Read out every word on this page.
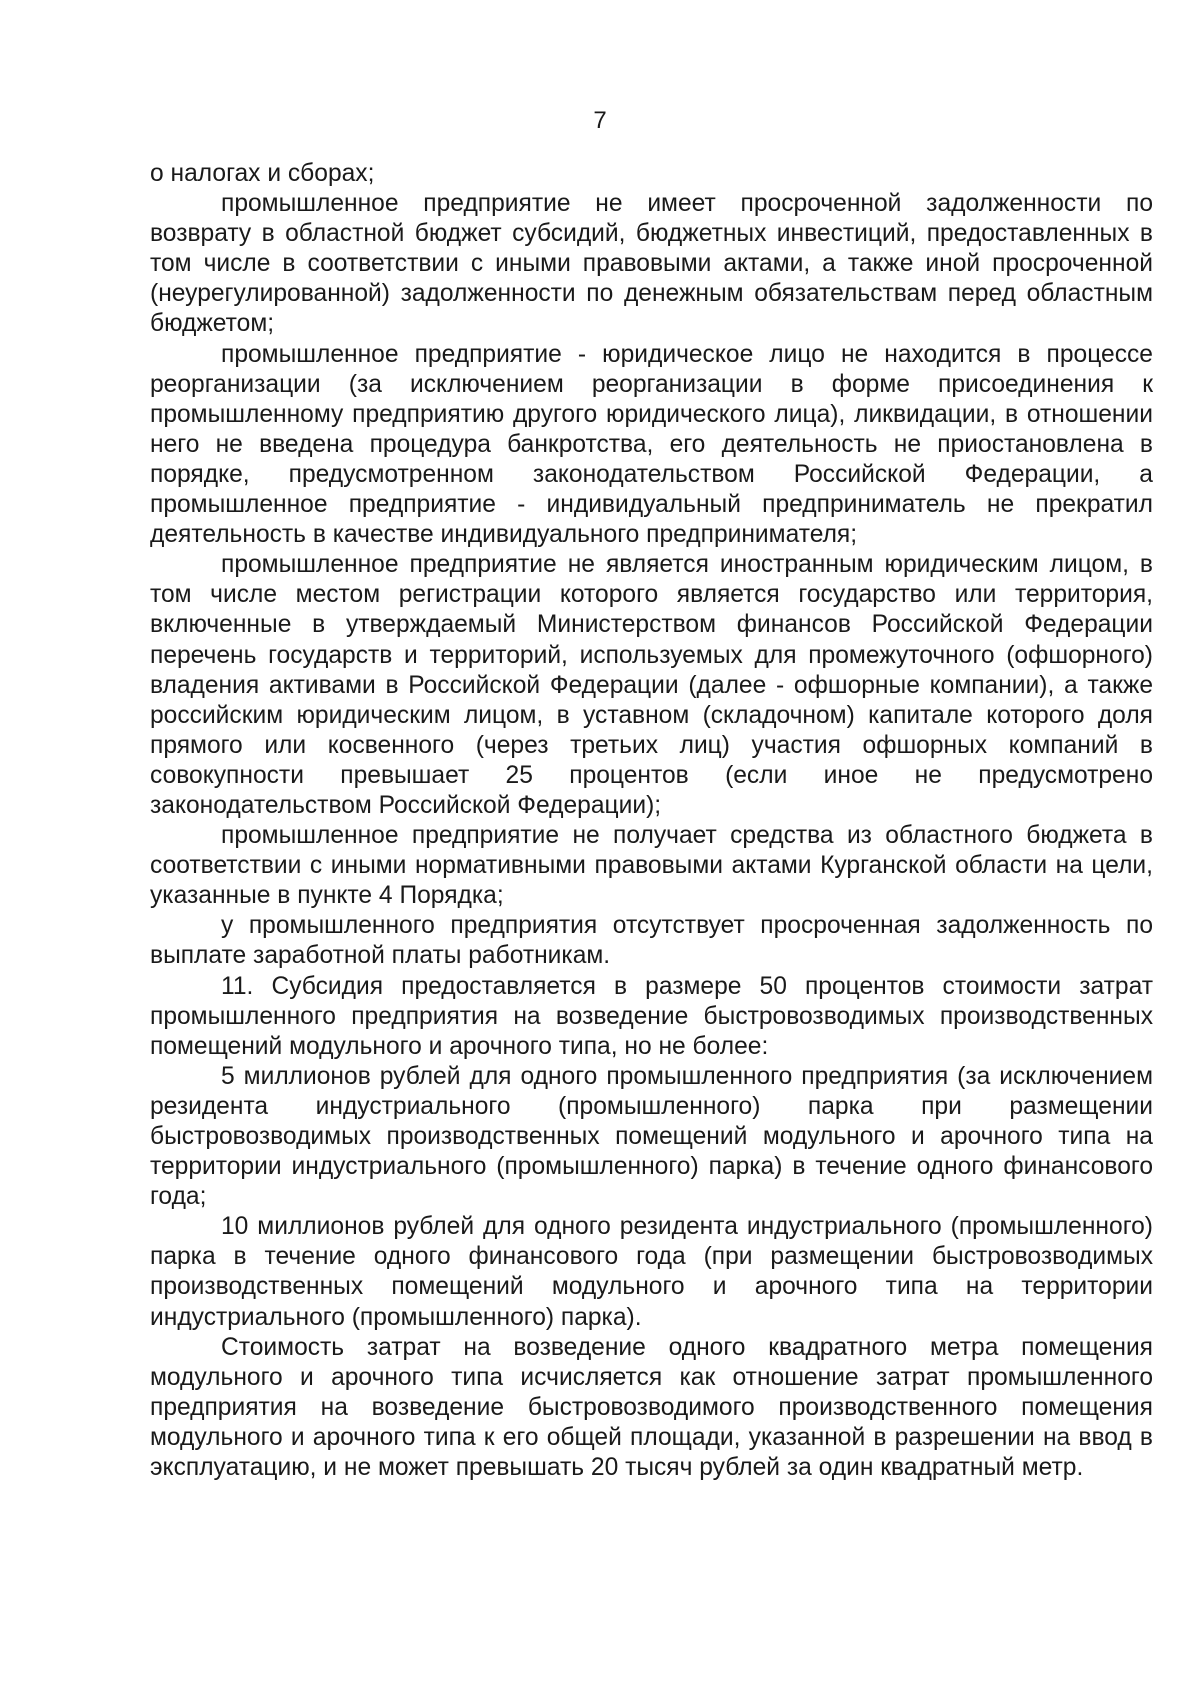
7

о налогах и сборах;

промышленное предприятие не имеет просроченной задолженности по возврату в областной бюджет субсидий, бюджетных инвестиций, предоставленных в том числе в соответствии с иными правовыми актами, а также иной просроченной (неурегулированной) задолженности по денежным обязательствам перед областным бюджетом;

промышленное предприятие - юридическое лицо не находится в процессе реорганизации (за исключением реорганизации в форме присоединения к промышленному предприятию другого юридического лица), ликвидации, в отношении него не введена процедура банкротства, его деятельность не приостановлена в порядке, предусмотренном законодательством Российской Федерации, а промышленное предприятие - индивидуальный предприниматель не прекратил деятельность в качестве индивидуального предпринимателя;

промышленное предприятие не является иностранным юридическим лицом, в том числе местом регистрации которого является государство или территория, включенные в утверждаемый Министерством финансов Российской Федерации перечень государств и территорий, используемых для промежуточного (офшорного) владения активами в Российской Федерации (далее - офшорные компании), а также российским юридическим лицом, в уставном (складочном) капитале которого доля прямого или косвенного (через третьих лиц) участия офшорных компаний в совокупности превышает 25 процентов (если иное не предусмотрено законодательством Российской Федерации);

промышленное предприятие не получает средства из областного бюджета в соответствии с иными нормативными правовыми актами Курганской области на цели, указанные в пункте 4 Порядка;

у промышленного предприятия отсутствует просроченная задолженность по выплате заработной платы работникам.

11. Субсидия предоставляется в размере 50 процентов стоимости затрат промышленного предприятия на возведение быстровозводимых производственных помещений модульного и арочного типа, но не более:

5 миллионов рублей для одного промышленного предприятия (за исключением резидента индустриального (промышленного) парка при размещении быстровозводимых производственных помещений модульного и арочного типа на территории индустриального (промышленного) парка) в течение одного финансового года;

10 миллионов рублей для одного резидента индустриального (промышленного) парка в течение одного финансового года (при размещении быстровозводимых производственных помещений модульного и арочного типа на территории индустриального (промышленного) парка).

Стоимость затрат на возведение одного квадратного метра помещения модульного и арочного типа исчисляется как отношение затрат промышленного предприятия на возведение быстровозводимого производственного помещения модульного и арочного типа к его общей площади, указанной в разрешении на ввод в эксплуатацию, и не может превышать 20 тысяч рублей за один квадратный метр.
